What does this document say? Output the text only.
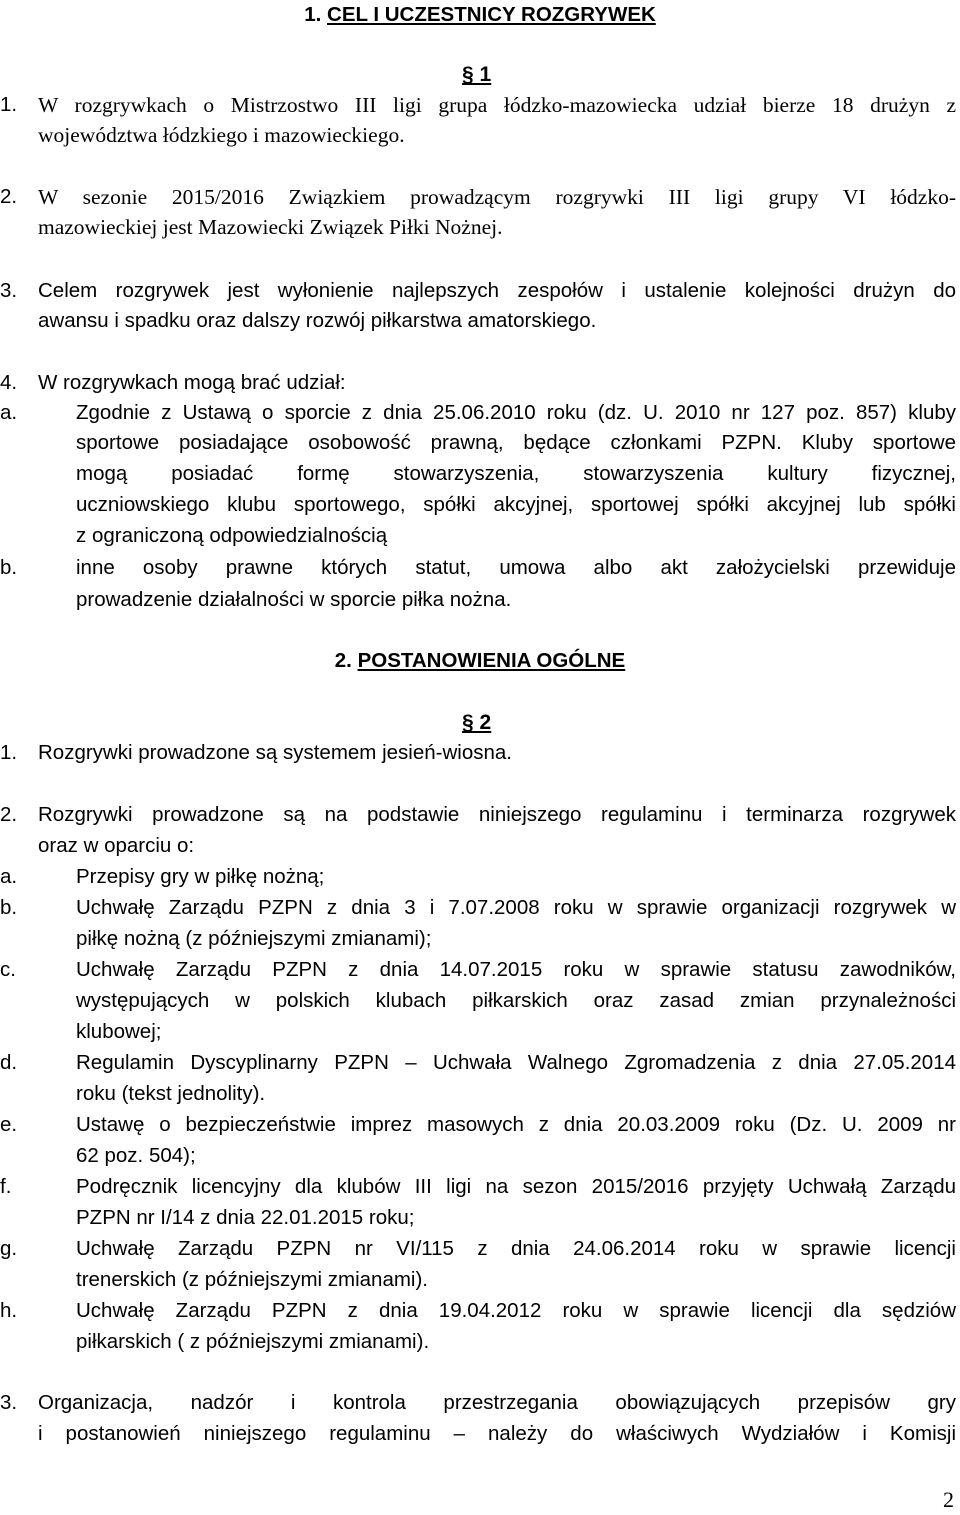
1. CEL I UCZESTNICY ROZGRYWEK

§ 1

1. W rozgrywkach o Mistrzostwo III ligi grupa łódzko-mazowiecka udział bierze 18 drużyn z
województwa łódzkiego i mazowieckiego.
2. W sezonie 2015/2016 Związkiem prowadzącym rozgrywki III ligi grupy VI łódzko-
mazowieckiej jest Mazowiecki Związek Piłki Nożnej.
3. Celem rozgrywek jest wyłonienie najlepszych zespołów i ustalenie kolejności drużyn do
awansu i spadku oraz dalszy rozwój piłkarstwa amatorskiego.
4. W rozgrywkach mogą brać udział:
a.	Zgodnie z Ustawą o sporcie z dnia 25.06.2010 roku (dz. U. 2010 nr 127 poz. 857) kluby
sportowe posiadające osobowość prawną, będące członkami PZPN. Kluby sportowe
mogą posiadać formę stowarzyszenia, stowarzyszenia kultury fizycznej,
uczniowskiego klubu sportowego, spółki akcyjnej, sportowej spółki akcyjnej lub spółki
z ograniczoną odpowiedzialnością
b.	inne osoby prawne których statut, umowa albo akt założycielski przewiduje
prowadzenie działalności w sporcie piłka nożna.

2. POSTANOWIENIA OGÓLNE

§ 2

1. Rozgrywki prowadzone są systemem jesień-wiosna.
2. Rozgrywki prowadzone są na podstawie niniejszego regulaminu i terminarza rozgrywek
oraz w oparciu o:
a.	Przepisy gry w piłkę nożną;
b.	Uchwałę Zarządu PZPN z dnia 3 i 7.07.2008 roku w sprawie organizacji rozgrywek w
piłkę nożną (z późniejszymi zmianami);
c.	Uchwałę Zarządu PZPN z dnia 14.07.2015 roku w sprawie statusu zawodników,
występujących w polskich klubach piłkarskich oraz zasad zmian przynależności
klubowej;
d.	Regulamin Dyscyplinarny PZPN – Uchwała Walnego Zgromadzenia z dnia 27.05.2014
roku (tekst jednolity).
e.	Ustawę o bezpieczeństwie imprez masowych z dnia 20.03.2009 roku (Dz. U. 2009 nr
62 poz. 504);
f.	Podręcznik licencyjny dla klubów III ligi na sezon 2015/2016 przyjęty Uchwałą Zarządu
PZPN nr I/14 z dnia 22.01.2015 roku;
g.	Uchwałę Zarządu PZPN nr VI/115 z dnia 24.06.2014 roku w sprawie licencji
trenerskich (z późniejszymi zmianami).
h.	Uchwałę Zarządu PZPN z dnia 19.04.2012 roku w sprawie licencji dla sędziów
piłkarskich ( z późniejszymi zmianami).
3. Organizacja, nadzór i kontrola przestrzegania obowiązujących przepisów gry
i postanowień niniejszego regulaminu – należy do właściwych Wydziałów i Komisji
2
